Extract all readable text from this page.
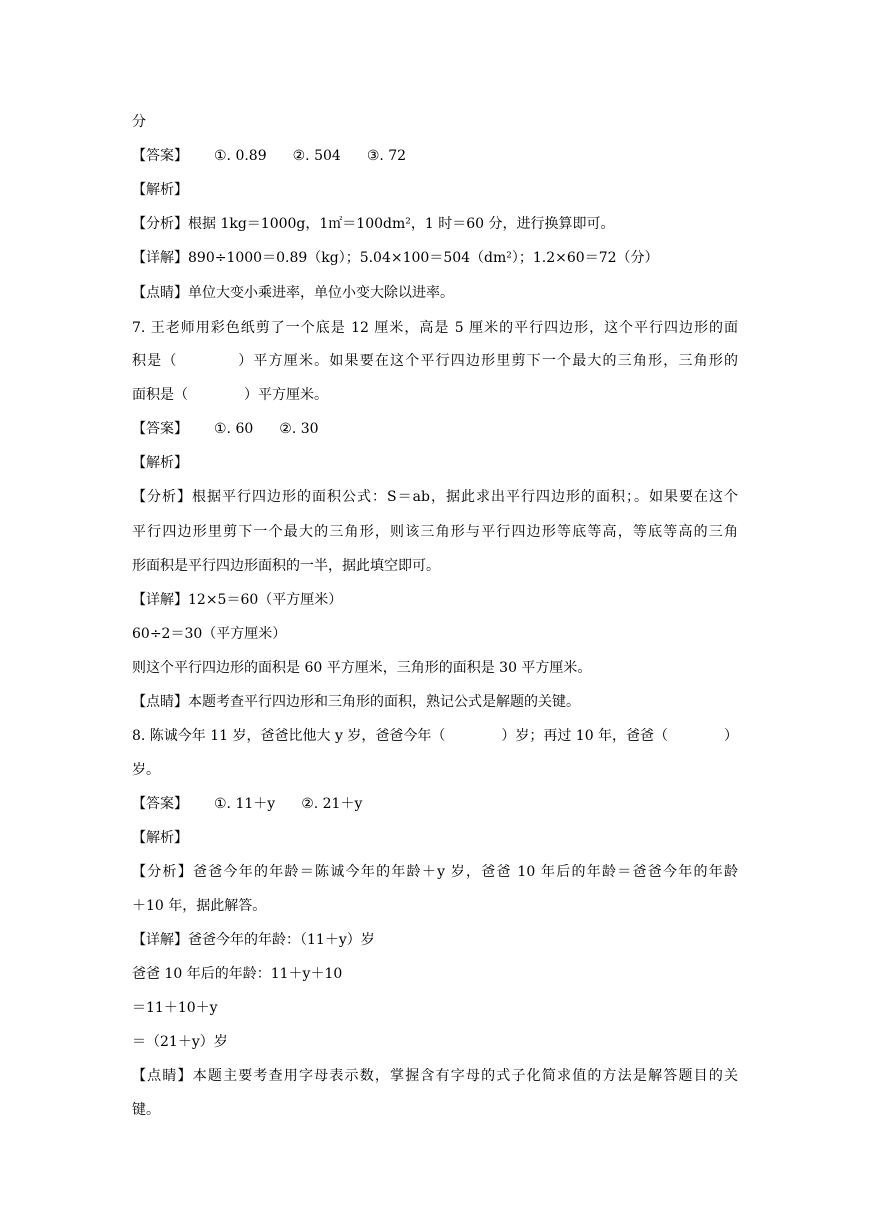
分
【答案】 ①. 0.89 ②. 504 ③. 72
【解析】
【分析】根据 1kg＝1000g，1㎡＝100dm²，1 时＝60 分，进行换算即可。
【详解】890÷1000＝0.89（kg）；5.04×100＝504（dm²）；1.2×60＝72（分）
【点睛】单位大变小乘进率，单位小变大除以进率。
7. 王老师用彩色纸剪了一个底是 12 厘米，高是 5 厘米的平行四边形，这个平行四边形的面
积是（　　　　）平方厘米。如果要在这个平行四边形里剪下一个最大的三角形，三角形的
面积是（　　　　）平方厘米。
【答案】 ①. 60 ②. 30
【解析】
【分析】根据平行四边形的面积公式：S＝ab，据此求出平行四边形的面积；。如果要在这个
平行四边形里剪下一个最大的三角形，则该三角形与平行四边形等底等高，等底等高的三角
形面积是平行四边形面积的一半，据此填空即可。
【详解】12×5＝60（平方厘米）
60÷2＝30（平方厘米）
则这个平行四边形的面积是 60 平方厘米，三角形的面积是 30 平方厘米。
【点睛】本题考查平行四边形和三角形的面积，熟记公式是解题的关键。
8. 陈诚今年 11 岁，爸爸比他大 y 岁，爸爸今年（　　　　）岁；再过 10 年，爸爸（　　　　）
岁。
【答案】 ①. 11＋y ②. 21＋y
【解析】
【分析】爸爸今年的年龄＝陈诚今年的年龄＋y 岁，爸爸 10 年后的年龄＝爸爸今年的年龄
＋10 年，据此解答。
【详解】爸爸今年的年龄：（11＋y）岁
爸爸 10 年后的年龄：11＋y＋10
＝11＋10＋y
＝（21＋y）岁
【点睛】本题主要考查用字母表示数，掌握含有字母的式子化简求值的方法是解答题目的关
键。
